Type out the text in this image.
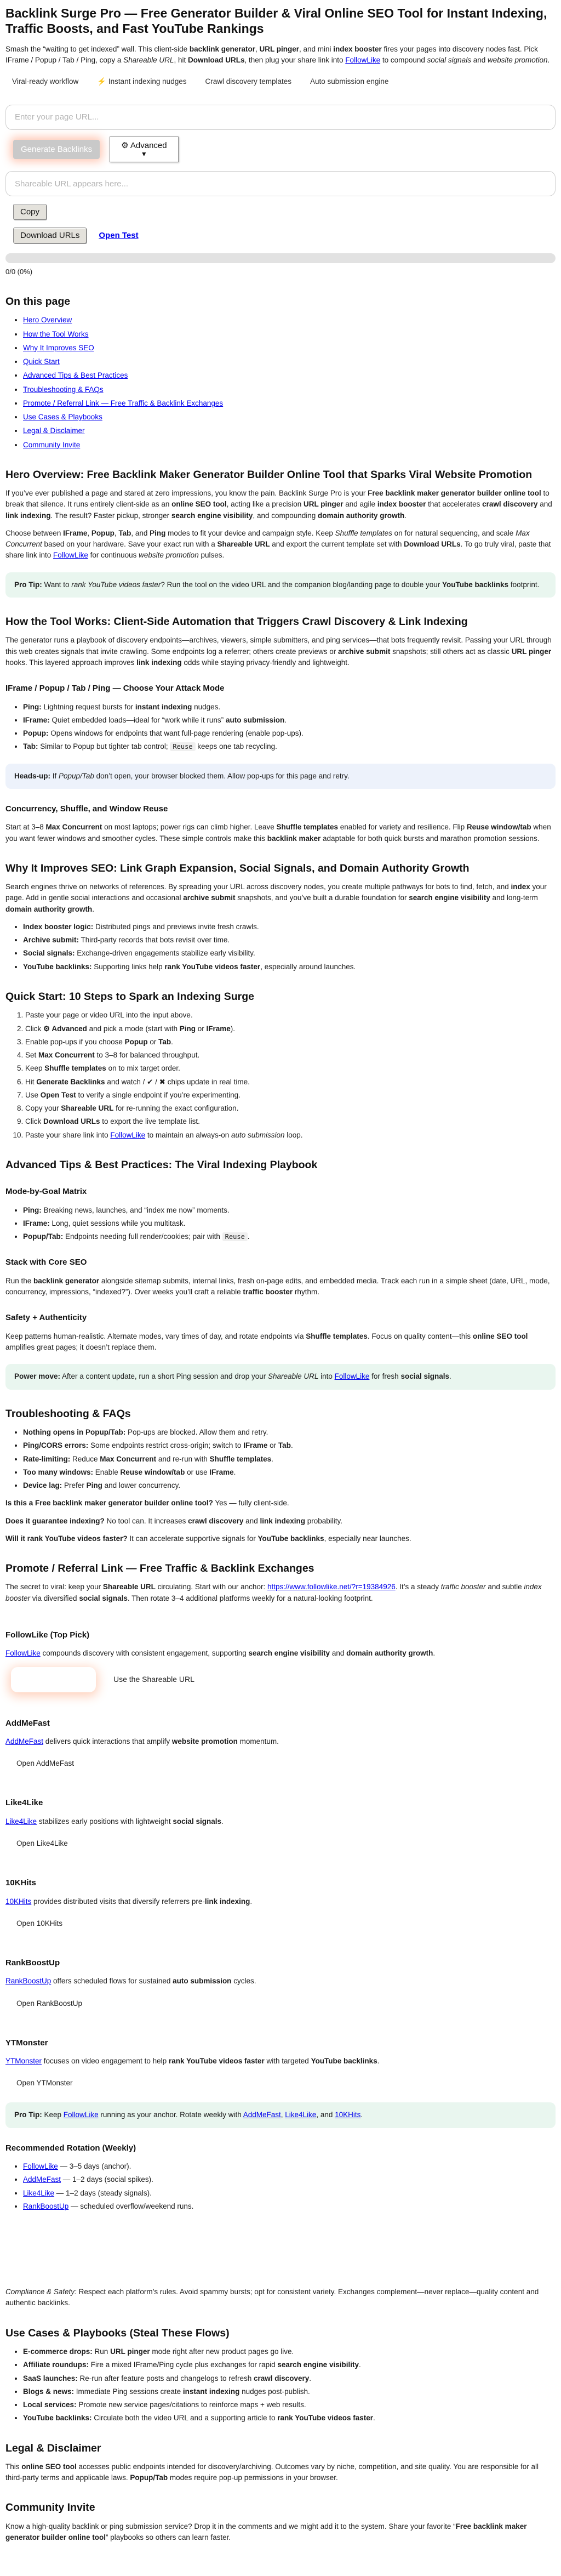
Backlink Surge Pro — Free Generator Builder & Viral Online SEO Tool for Instant Indexing, Traffic Boosts, and Fast YouTube Rankings

Smash the “waiting to get indexed” wall. This client-side backlink generator, URL pinger, and mini index booster fires your pages into discovery nodes fast. Pick IFrame / Popup / Tab / Ping, copy a Shareable URL, hit Download URLs, then plug your share link into FollowLike to compound social signals and website promotion.

Viral-ready workflow	⚡ Instant indexing nudges	Crawl discovery templates	Auto submission engine
Enter your page URL...
Generate Backlinks	⚙ Advanced
▼
Shareable URL appears here...
Copy
Download URLs	Open Test
0/0 (0%)
On this page
• Hero Overview
• How the Tool Works
• Why It Improves SEO
• Quick Start
• Advanced Tips & Best Practices
• Troubleshooting & FAQs
• Promote / Referral Link — Free Traffic & Backlink Exchanges
• Use Cases & Playbooks
• Legal & Disclaimer
• Community Invite
Hero Overview: Free Backlink Maker Generator Builder Online Tool that Sparks Viral Website Promotion

If you’ve ever published a page and stared at zero impressions, you know the pain. Backlink Surge Pro is your Free backlink maker generator builder online tool to break that silence. It runs entirely client-side as an online SEO tool, acting like a precision URL pinger and agile index booster that accelerates crawl discovery and link indexing. The result? Faster pickup, stronger search engine visibility, and compounding domain authority growth.

Choose between IFrame, Popup, Tab, and Ping modes to fit your device and campaign style. Keep Shuffle templates on for natural sequencing, and scale Max Concurrent based on your hardware. Save your exact run with a Shareable URL and export the current template set with Download URLs. To go truly viral, paste that share link into FollowLike for continuous website promotion pulses.

Pro Tip: Want to rank YouTube videos faster? Run the tool on the video URL and the companion blog/landing page to double your YouTube backlinks footprint.
How the Tool Works: Client-Side Automation that Triggers Crawl Discovery & Link Indexing

The generator runs a playbook of discovery endpoints—archives, viewers, simple submitters, and ping services—that bots frequently revisit. Passing your URL through this web creates signals that invite crawling. Some endpoints log a referrer; others create previews or archive submit snapshots; still others act as classic URL pinger hooks. This layered approach improves link indexing odds while staying privacy-friendly and lightweight.

IFrame / Popup / Tab / Ping — Choose Your Attack Mode
• Ping: Lightning request bursts for instant indexing nudges.
• IFrame: Quiet embedded loads—ideal for “work while it runs” auto submission.
• Popup: Opens windows for endpoints that want full-page rendering (enable pop-ups).
• Tab: Similar to Popup but tighter tab control; Reuse keeps one tab recycling.
Heads-up: If Popup/Tab don’t open, your browser blocked them. Allow pop-ups for this page and retry.
Concurrency, Shuffle, and Window Reuse

Start at 3–8 Max Concurrent on most laptops; power rigs can climb higher. Leave Shuffle templates enabled for variety and resilience. Flip Reuse window/tab when you want fewer windows and smoother cycles. These simple controls make this backlink maker adaptable for both quick bursts and marathon promotion sessions.

Why It Improves SEO: Link Graph Expansion, Social Signals, and Domain Authority Growth

Search engines thrive on networks of references. By spreading your URL across discovery nodes, you create multiple pathways for bots to find, fetch, and index your page. Add in gentle social interactions and occasional archive submit snapshots, and you’ve built a durable foundation for search engine visibility and long-term domain authority growth.

• Index booster logic: Distributed pings and previews invite fresh crawls.
• Archive submit: Third-party records that bots revisit over time.
• Social signals: Exchange-driven engagements stabilize early visibility.
• YouTube backlinks: Supporting links help rank YouTube videos faster, especially around launches.
Quick Start: 10 Steps to Spark an Indexing Surge
1. Paste your page or video URL into the input above.
2. Click ⚙ Advanced and pick a mode (start with Ping or IFrame).
3. Enable pop-ups if you choose Popup or Tab.
4. Set Max Concurrent to 3–8 for balanced throughput.
5. Keep Shuffle templates on to mix target order.
6. Hit Generate Backlinks and watch / ✔ / ✖ chips update in real time.
7. Use Open Test to verify a single endpoint if you’re experimenting.
8. Copy your Shareable URL for re-running the exact configuration.
9. Click Download URLs to export the live template list.
10. Paste your share link into FollowLike to maintain an always-on auto submission loop.
Advanced Tips & Best Practices: The Viral Indexing Playbook
Mode-by-Goal Matrix
• Ping: Breaking news, launches, and “index me now” moments.
• IFrame: Long, quiet sessions while you multitask.
• Popup/Tab: Endpoints needing full render/cookies; pair with Reuse .
Stack with Core SEO

Run the backlink generator alongside sitemap submits, internal links, fresh on-page edits, and embedded media. Track each run in a simple sheet (date, URL, mode, concurrency, impressions, “indexed?”). Over weeks you’ll craft a reliable traffic booster rhythm.

Safety + Authenticity

Keep patterns human-realistic. Alternate modes, vary times of day, and rotate endpoints via Shuffle templates. Focus on quality content—this online SEO tool amplifies great pages; it doesn’t replace them.

Power move: After a content update, run a short Ping session and drop your Shareable URL into FollowLike for fresh social signals.
Troubleshooting & FAQs
• Nothing opens in Popup/Tab: Pop-ups are blocked. Allow them and retry.
• Ping/CORS errors: Some endpoints restrict cross-origin; switch to IFrame or Tab.
• Rate-limiting: Reduce Max Concurrent and re-run with Shuffle templates.
• Too many windows: Enable Reuse window/tab or use IFrame.
• Device lag: Prefer Ping and lower concurrency.

Is this a Free backlink maker generator builder online tool? Yes — fully client-side.

Does it guarantee indexing? No tool can. It increases crawl discovery and link indexing probability.

Will it rank YouTube videos faster? It can accelerate supportive signals for YouTube backlinks, especially near launches.

Promote / Referral Link — Free Traffic & Backlink Exchanges

The secret to viral: keep your Shareable URL circulating. Start with our anchor: https://www.followlike.net/?r=19384926. It’s a steady traffic booster and subtle index booster via diversified social signals. Then rotate 3–4 additional platforms weekly for a natural-looking footprint.

FollowLike (Top Pick)

FollowLike compounds discovery with consistent engagement, supporting search engine visibility and domain authority growth.

Use the Shareable URL
AddMeFast

AddMeFast delivers quick interactions that amplify website promotion momentum.

Open AddMeFast
Like4Like

Like4Like stabilizes early positions with lightweight social signals.

Open Like4Like
10KHits

10KHits provides distributed visits that diversify referrers pre-link indexing.

Open 10KHits
RankBoostUp

RankBoostUp offers scheduled flows for sustained auto submission cycles.

Open RankBoostUp
YTMonster

YTMonster focuses on video engagement to help rank YouTube videos faster with targeted YouTube backlinks.

Open YTMonster
Pro Tip: Keep FollowLike running as your anchor. Rotate weekly with AddMeFast, Like4Like, and 10KHits.
Recommended Rotation (Weekly)
• FollowLike — 3–5 days (anchor).
• AddMeFast — 1–2 days (social spikes).
• Like4Like — 1–2 days (steady signals).
• RankBoostUp — scheduled overflow/weekend runs.

Compliance & Safety: Respect each platform’s rules. Avoid spammy bursts; opt for consistent variety. Exchanges complement—never replace—quality content and authentic backlinks.

Use Cases & Playbooks (Steal These Flows)
• E-commerce drops: Run URL pinger mode right after new product pages go live.
• Affiliate roundups: Fire a mixed IFrame/Ping cycle plus exchanges for rapid search engine visibility.
• SaaS launches: Re-run after feature posts and changelogs to refresh crawl discovery.
• Blogs & news: Immediate Ping sessions create instant indexing nudges post-publish.
• Local services: Promote new service pages/citations to reinforce maps + web results.
• YouTube backlinks: Circulate both the video URL and a supporting article to rank YouTube videos faster.
Legal & Disclaimer

This online SEO tool accesses public endpoints intended for discovery/archiving. Outcomes vary by niche, competition, and site quality. You are responsible for all third-party terms and applicable laws. Popup/Tab modes require pop-up permissions in your browser.

Community Invite

Know a high-quality backlink or ping submission service? Drop it in the comments and we might add it to the system. Share your favorite “Free backlink maker generator builder online tool” playbooks so others can learn faster.
